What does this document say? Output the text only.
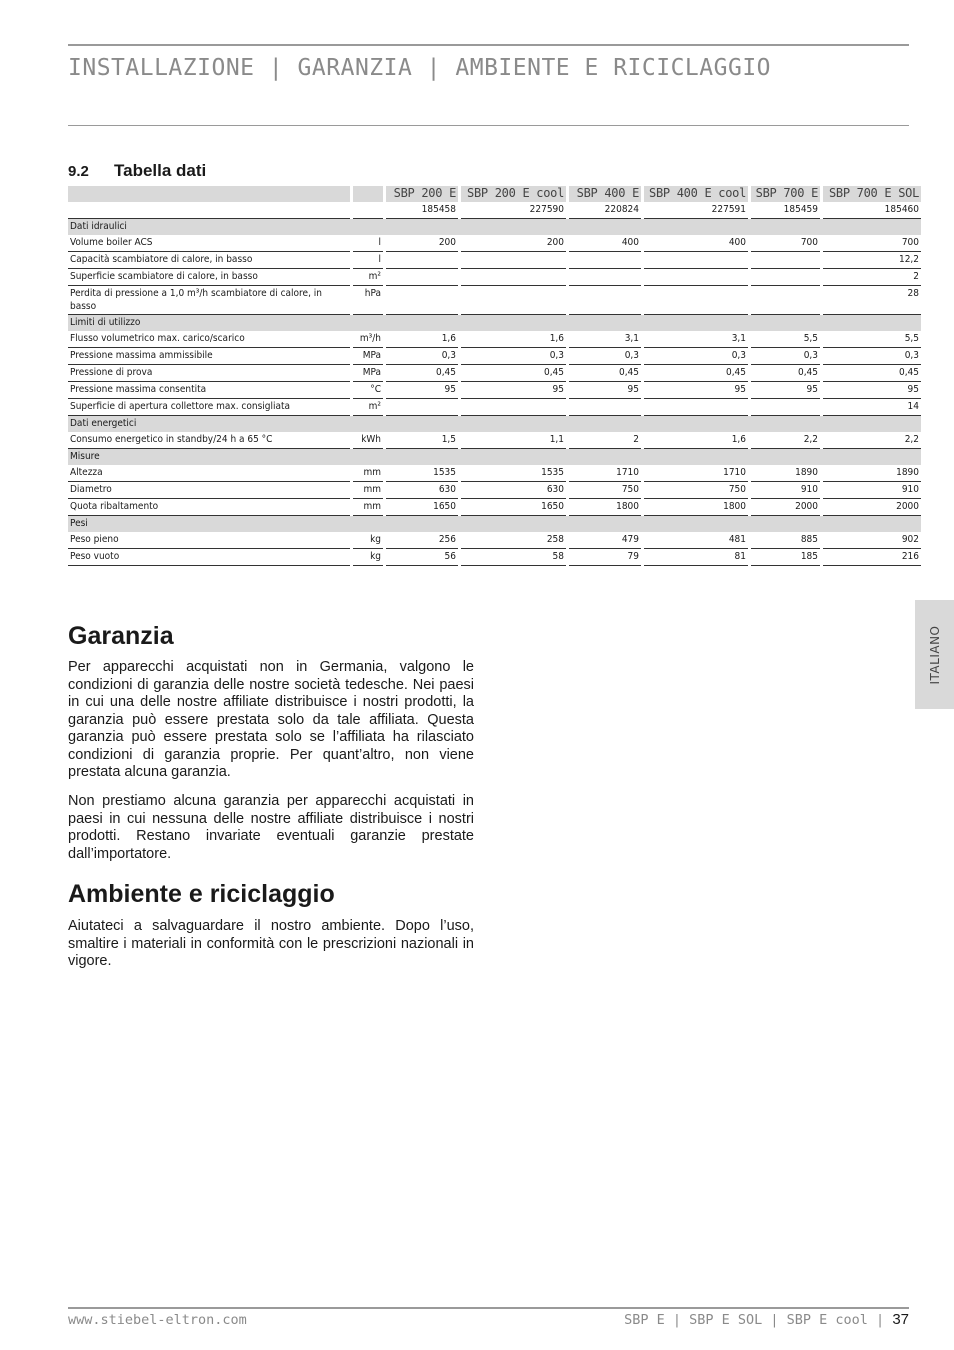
INSTALLAZIONE | GARANZIA | AMBIENTE E RICICLAGGIO
9.2 Tabella dati
		SBP 200 E	SBP 200 E cool	SBP 400 E	SBP 400 E cool	SBP 700 E	SBP 700 E SOL
		185458	227590	220824	227591	185459	185460
Dati idraulici							
Volume boiler ACS	l	200	200	400	400	700	700
Capacità scambiatore di calore, in basso	l						12,2
Superficie scambiatore di calore, in basso	m²						2
Perdita di pressione a 1,0 m³/h scambiatore di calore, in basso	hPa						28
Limiti di utilizzo							
Flusso volumetrico max. carico/scarico	m³/h	1,6	1,6	3,1	3,1	5,5	5,5
Pressione massima ammissibile	MPa	0,3	0,3	0,3	0,3	0,3	0,3
Pressione di prova	MPa	0,45	0,45	0,45	0,45	0,45	0,45
Pressione massima consentita	°C	95	95	95	95	95	95
Superficie di apertura collettore max. consigliata	m²						14
Dati energetici							
Consumo energetico in standby/24 h a 65 °C	kWh	1,5	1,1	2	1,6	2,2	2,2
Misure							
Altezza	mm	1535	1535	1710	1710	1890	1890
Diametro	mm	630	630	750	750	910	910
Quota ribaltamento	mm	1650	1650	1800	1800	2000	2000
Pesi							
Peso pieno	kg	256	258	479	481	885	902
Peso vuoto	kg	56	58	79	81	185	216
Garanzia

Per apparecchi acquistati non in Germania, valgono le condizioni di garanzia delle nostre società tedesche. Nei paesi in cui una delle nostre affiliate distribuisce i nostri prodotti, la garanzia può essere prestata solo da tale affiliata. Questa garanzia può essere prestata solo se l’affiliata ha rilasciato condizioni di garanzia proprie. Per quant’altro, non viene prestata alcuna garanzia.

Non prestiamo alcuna garanzia per apparecchi acquistati in paesi in cui nessuna delle nostre affiliate distribuisce i nostri prodotti. Restano invariate eventuali garanzie prestate dall’importatore.

Ambiente e riciclaggio

Aiutateci a salvaguardare il nostro ambiente. Dopo l’uso, smaltire i materiali in conformità con le prescrizioni nazionali in vigore.

ITALIANO
www.stiebel-eltron.com	SBP E | SBP E SOL | SBP E cool | 37
